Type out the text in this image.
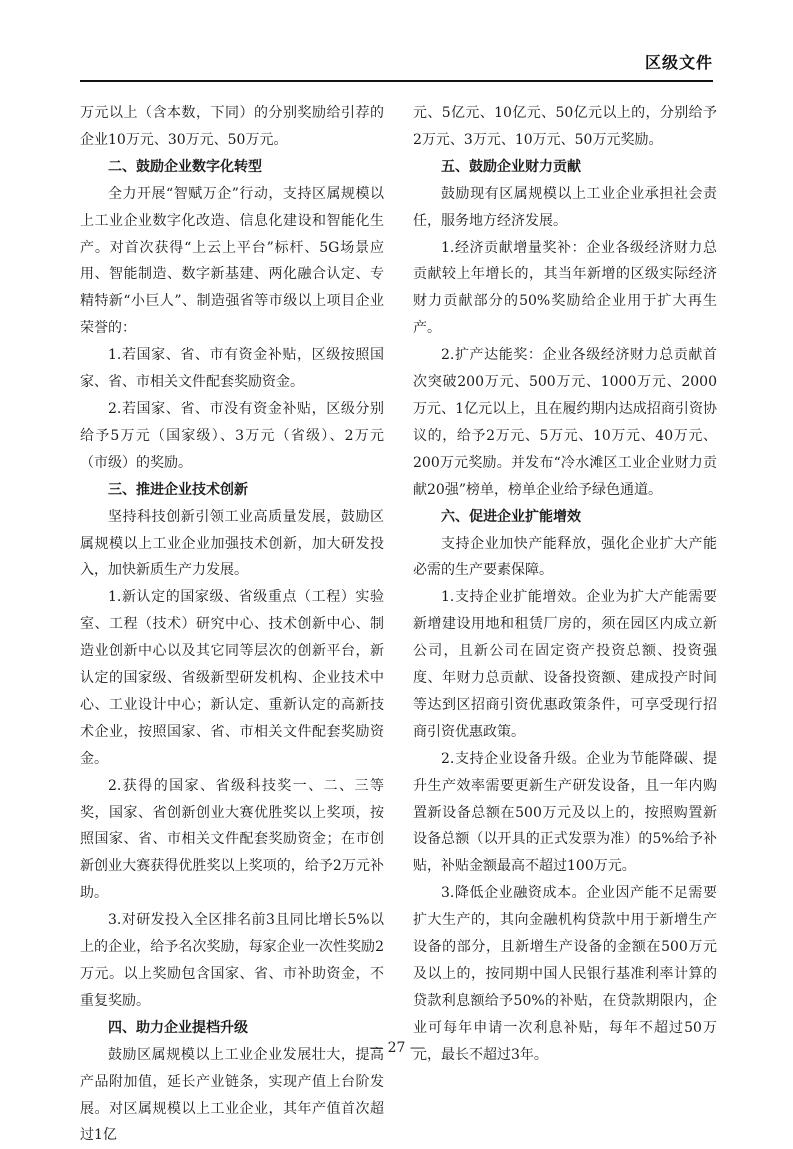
区级文件

万元以上（含本数，下同）的分别奖励给引荐的企业10万元、30万元、50万元。

二、鼓励企业数字化转型

全力开展“智赋万企”行动，支持区属规模以上工业企业数字化改造、信息化建设和智能化生产。对首次获得“上云上平台”标杆、5G场景应用、智能制造、数字新基建、两化融合认定、专精特新“小巨人”、制造强省等市级以上项目企业荣誉的：

1.若国家、省、市有资金补贴，区级按照国家、省、市相关文件配套奖励资金。

2.若国家、省、市没有资金补贴，区级分别给予5万元（国家级）、3万元（省级）、2万元（市级）的奖励。

三、推进企业技术创新

坚持科技创新引领工业高质量发展，鼓励区属规模以上工业企业加强技术创新，加大研发投入，加快新质生产力发展。

1.新认定的国家级、省级重点（工程）实验室、工程（技术）研究中心、技术创新中心、制造业创新中心以及其它同等层次的创新平台，新认定的国家级、省级新型研发机构、企业技术中心、工业设计中心；新认定、重新认定的高新技术企业，按照国家、省、市相关文件配套奖励资金。

2.获得的国家、省级科技奖一、二、三等奖，国家、省创新创业大赛优胜奖以上奖项，按照国家、省、市相关文件配套奖励资金；在市创新创业大赛获得优胜奖以上奖项的，给予2万元补助。

3.对研发投入全区排名前3且同比增长5%以上的企业，给予名次奖励，每家企业一次性奖励2万元。以上奖励包含国家、省、市补助资金，不重复奖励。

四、助力企业提档升级

鼓励区属规模以上工业企业发展壮大，提高产品附加值，延长产业链条，实现产值上台阶发展。对区属规模以上工业企业，其年产值首次超过1亿

元、5亿元、10亿元、50亿元以上的，分别给予2万元、3万元、10万元、50万元奖励。

五、鼓励企业财力贡献

鼓励现有区属规模以上工业企业承担社会责任，服务地方经济发展。

1.经济贡献增量奖补：企业各级经济财力总贡献较上年增长的，其当年新增的区级实际经济财力贡献部分的50%奖励给企业用于扩大再生产。

2.扩产达能奖：企业各级经济财力总贡献首次突破200万元、500万元、1000万元、2000万元、1亿元以上，且在履约期内达成招商引资协议的，给予2万元、5万元、10万元、40万元、200万元奖励。并发布“冷水滩区工业企业财力贡献20强”榜单，榜单企业给予绿色通道。

六、促进企业扩能增效

支持企业加快产能释放，强化企业扩大产能必需的生产要素保障。

1.支持企业扩能增效。企业为扩大产能需要新增建设用地和租赁厂房的，须在园区内成立新公司，且新公司在固定资产投资总额、投资强度、年财力总贡献、设备投资额、建成投产时间等达到区招商引资优惠政策条件，可享受现行招商引资优惠政策。

2.支持企业设备升级。企业为节能降碳、提升生产效率需要更新生产研发设备，且一年内购置新设备总额在500万元及以上的，按照购置新设备总额（以开具的正式发票为准）的5%给予补贴，补贴金额最高不超过100万元。

3.降低企业融资成本。企业因产能不足需要扩大生产的，其向金融机构贷款中用于新增生产设备的部分，且新增生产设备的金额在500万元及以上的，按同期中国人民银行基准利率计算的贷款利息额给予50%的补贴，在贷款期限内，企业可每年申请一次利息补贴，每年不超过50万元，最长不超过3年。

— 27 —
